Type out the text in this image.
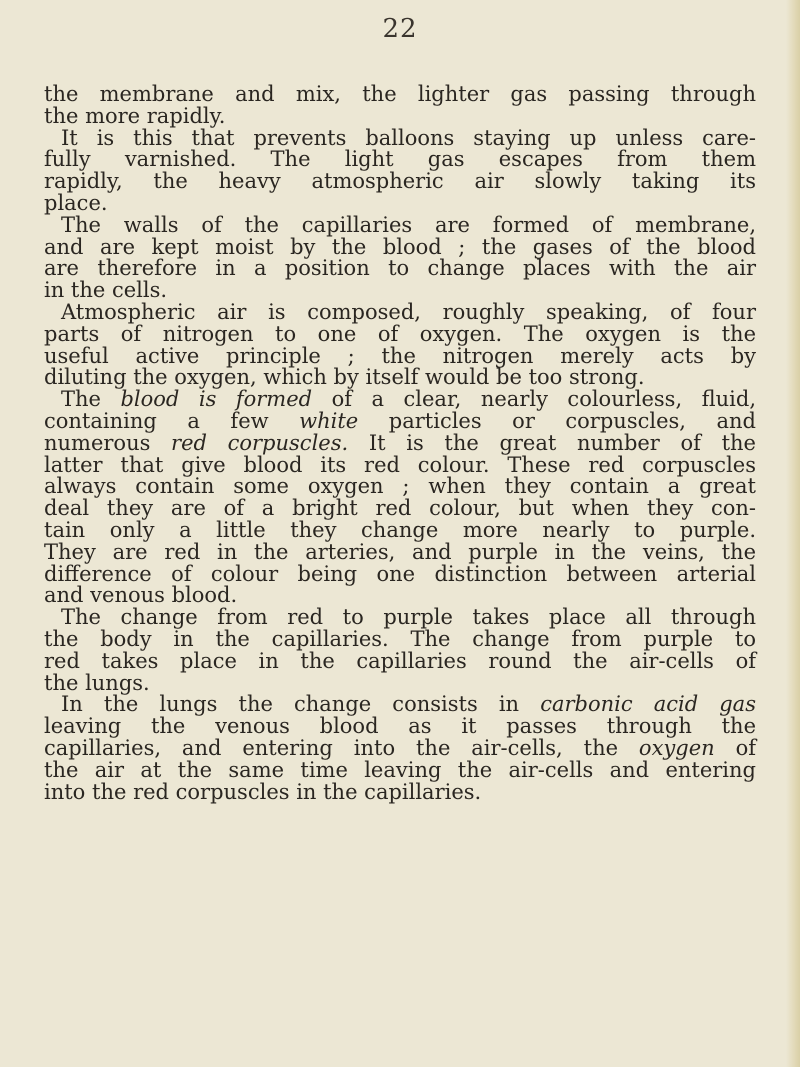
22
the membrane and mix, the lighter gas passing through
the more rapidly.
It is this that prevents balloons staying up unless care-
fully varnished. The light gas escapes from them
rapidly, the heavy atmospheric air slowly taking its
place.
The walls of the capillaries are formed of membrane,
and are kept moist by the blood ; the gases of the blood
are therefore in a position to change places with the air
in the cells.
Atmospheric air is composed, roughly speaking, of four
parts of nitrogen to one of oxygen. The oxygen is the
useful active principle ; the nitrogen merely acts by
diluting the oxygen, which by itself would be too strong.
The blood is formed of a clear, nearly colourless, fluid,
containing a few white particles or corpuscles, and
numerous red corpuscles. It is the great number of the
latter that give blood its red colour. These red corpuscles
always contain some oxygen ; when they contain a great
deal they are of a bright red colour, but when they con-
tain only a little they change more nearly to purple.
They are red in the arteries, and purple in the veins, the
difference of colour being one distinction between arterial
and venous blood.
The change from red to purple takes place all through
the body in the capillaries. The change from purple to
red takes place in the capillaries round the air-cells of
the lungs.
In the lungs the change consists in carbonic acid gas
leaving the venous blood as it passes through the
capillaries, and entering into the air-cells, the oxygen of
the air at the same time leaving the air-cells and entering
into the red corpuscles in the capillaries.
